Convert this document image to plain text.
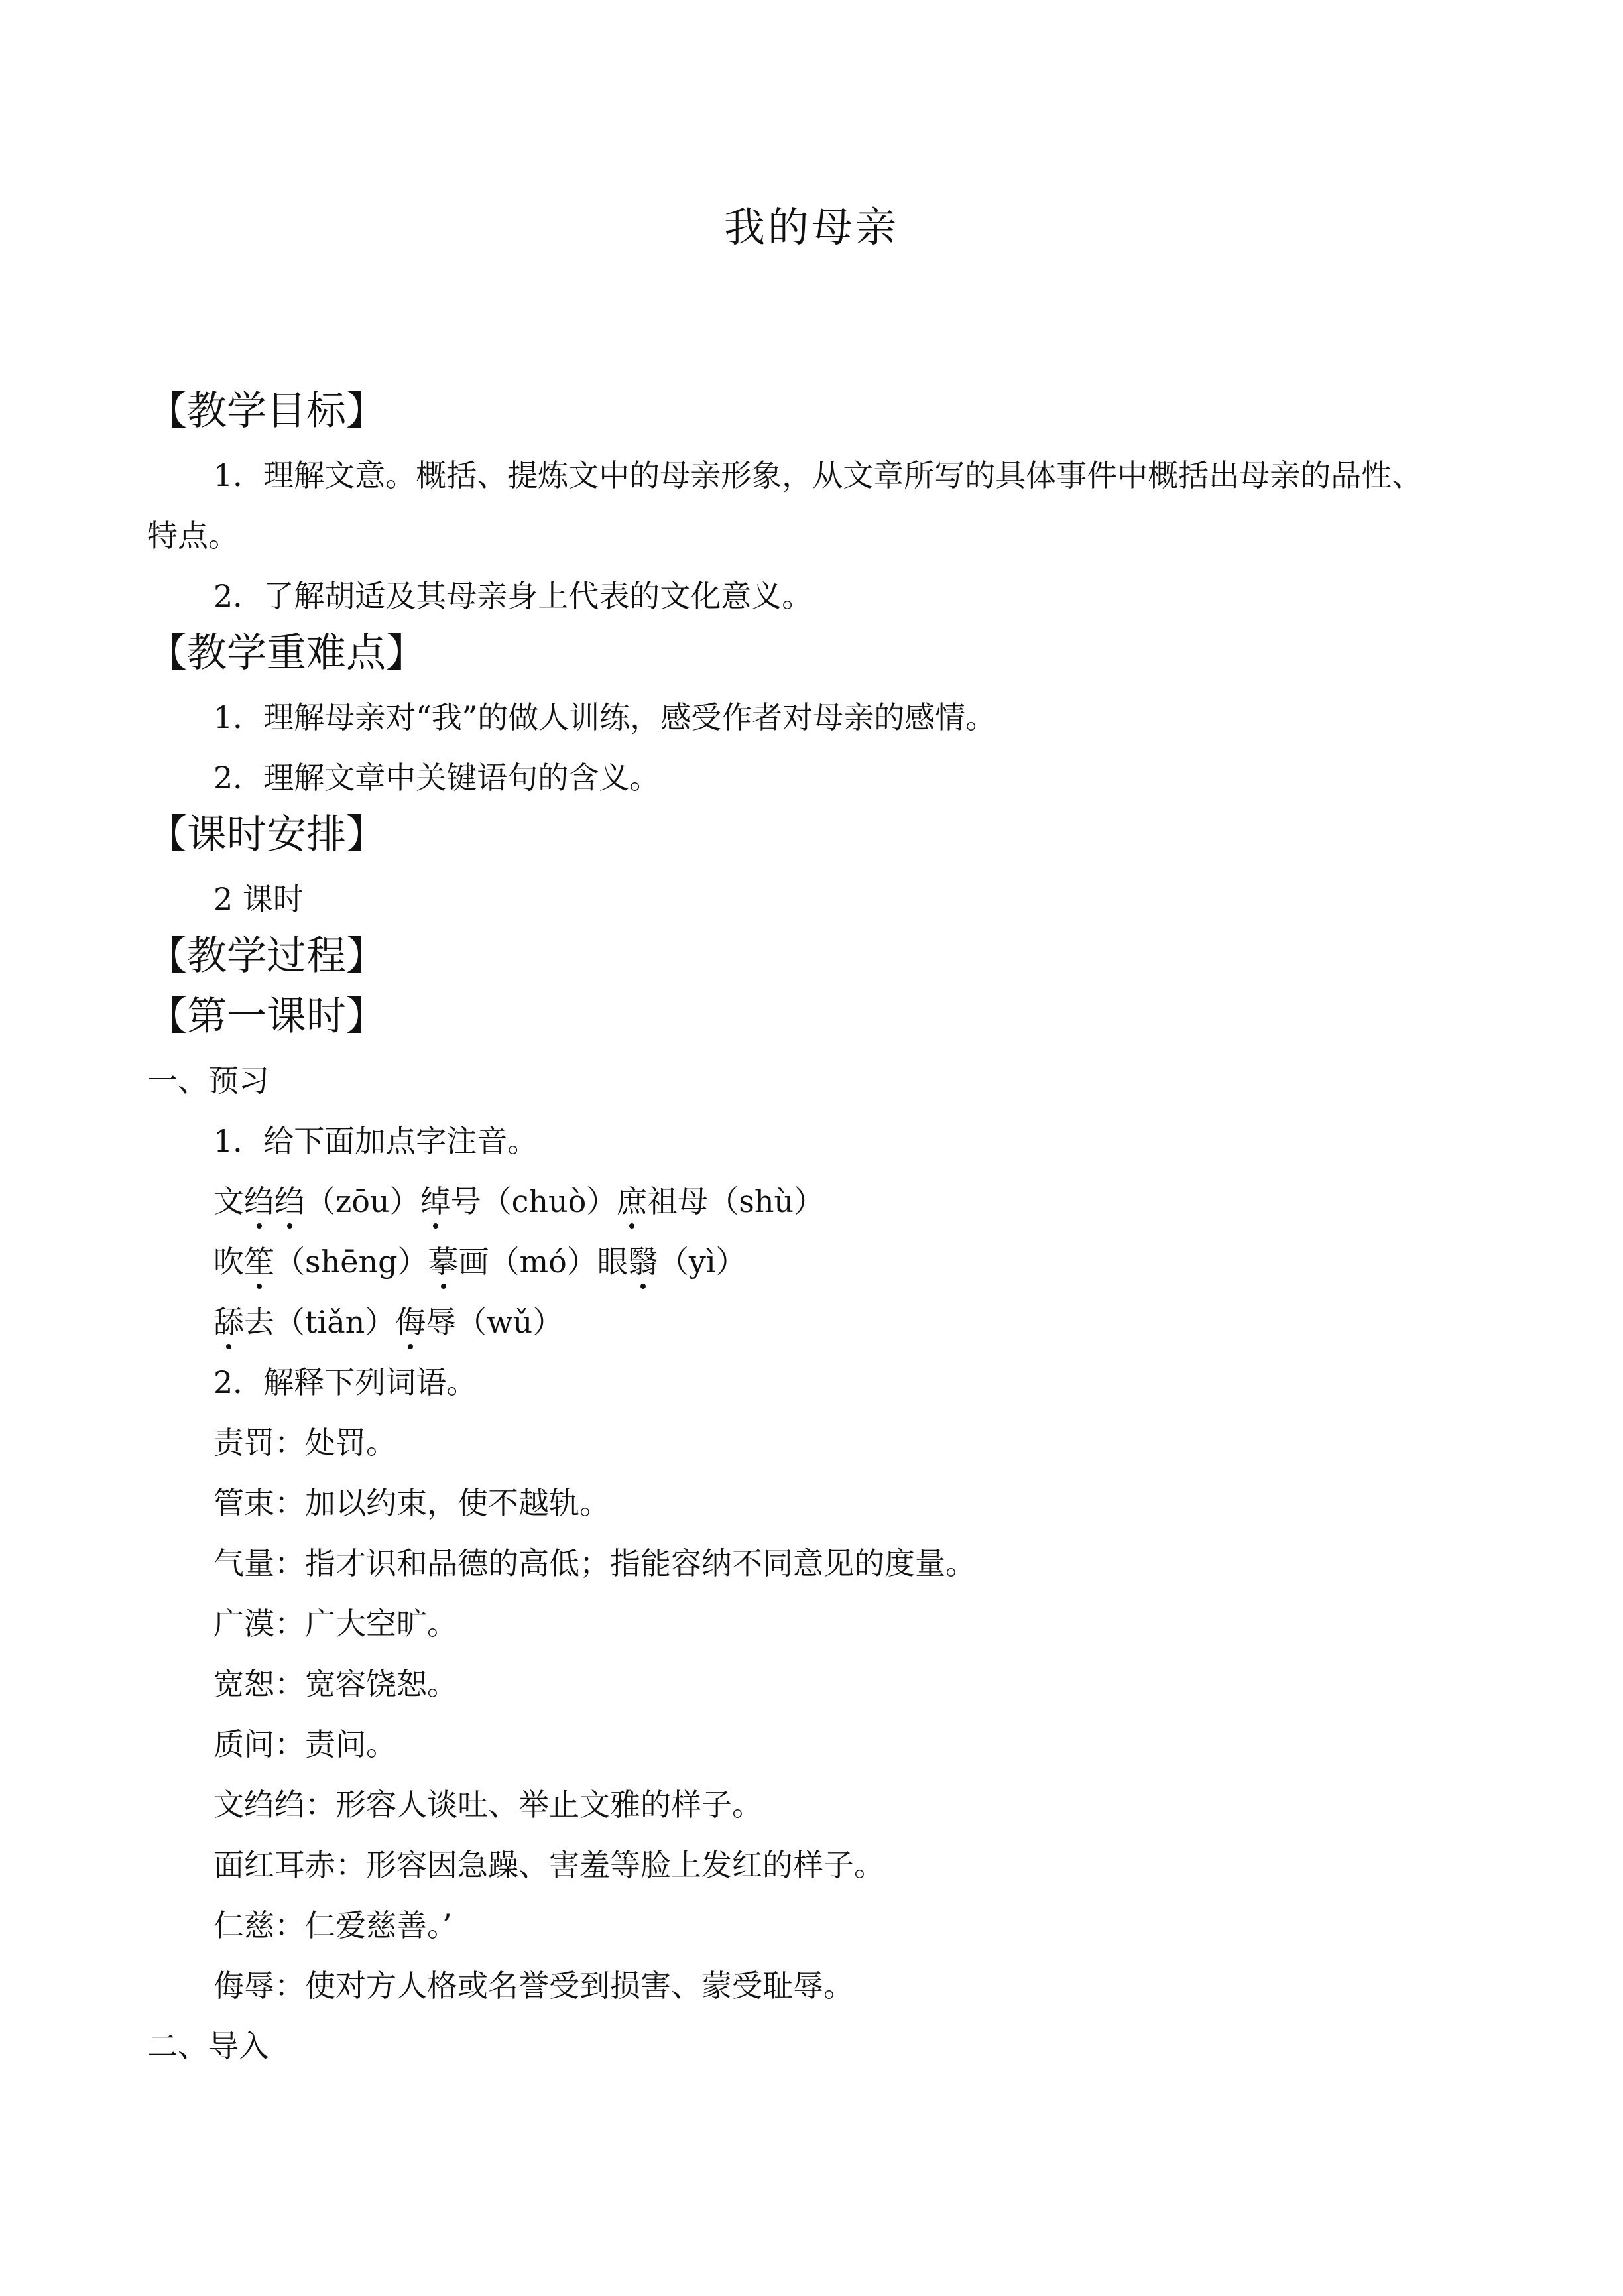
我的母亲
【教学目标】
1．理解文意。概括、提炼文中的母亲形象，从文章所写的具体事件中概括出母亲的品性、
特点。
2．了解胡适及其母亲身上代表的文化意义。
【教学重难点】
1．理解母亲对“我”的做人训练，感受作者对母亲的感情。
2．理解文章中关键语句的含义。
【课时安排】
2 课时
【教学过程】
【第一课时】
一、预习
1．给下面加点字注音。
文绉绉（zōu）绰号（chuò）庶祖母（shù）
吹笙（shēng）摹画（mó）眼翳（yì）
舔去（tiǎn）侮辱（wǔ）
2．解释下列词语。
责罚：处罚。
管束：加以约束，使不越轨。
气量：指才识和品德的高低；指能容纳不同意见的度量。
广漠：广大空旷。
宽恕：宽容饶恕。
质问：责问。
文绉绉：形容人谈吐、举止文雅的样子。
面红耳赤：形容因急躁、害羞等脸上发红的样子。
仁慈：仁爱慈善。’
侮辱：使对方人格或名誉受到损害、蒙受耻辱。
二、导入
